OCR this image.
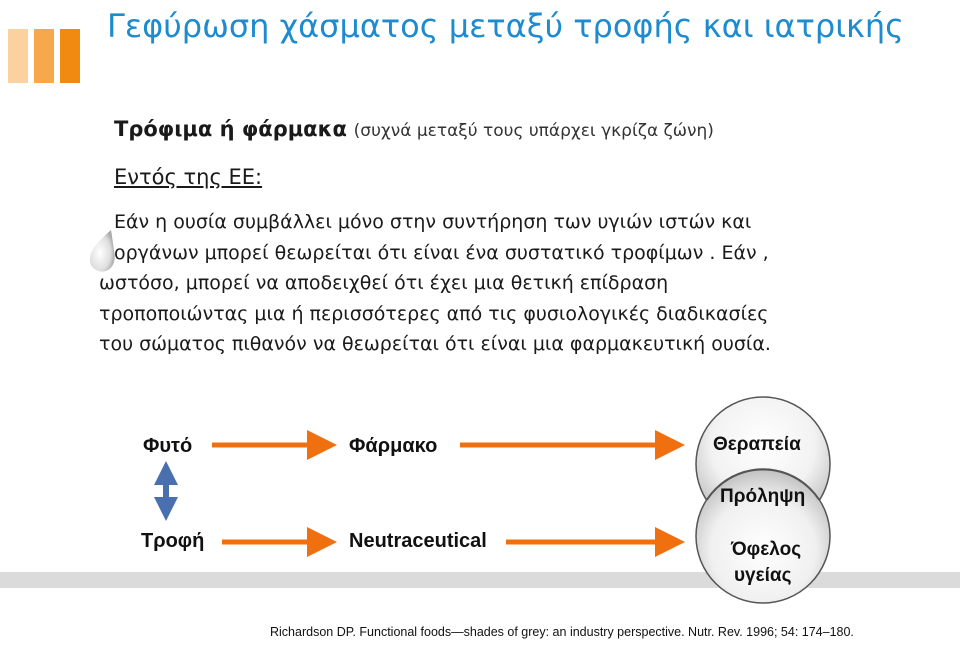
Γεφύρωση χάσματος μεταξύ τροφής και ιατρικής
Τρόφιμα ή φάρμακα (συχνά μεταξύ τους υπάρχει γκρίζα ζώνη)
Εντός της ΕΕ:
Εάν η ουσία συμβάλλει μόνο στην συντήρηση των υγιών ιστών και
οργάνων μπορεί θεωρείται ότι είναι ένα συστατικό τροφίμων . Εάν ,
ωστόσο, μπορεί να αποδειχθεί ότι έχει μια θετική επίδραση
τροποποιώντας μια ή περισσότερες από τις φυσιολογικές διαδικασίες
του σώματος πιθανόν να θεωρείται ότι είναι μια φαρμακευτική ουσία.
Φυτό
Τροφή
Φάρμακο
Neutraceutical
Θεραπεία
Πρόληψη
Όφελος
υγείας
Richardson DP. Functional foods—shades of grey: an industry perspective. Nutr. Rev. 1996; 54: 174–180.
